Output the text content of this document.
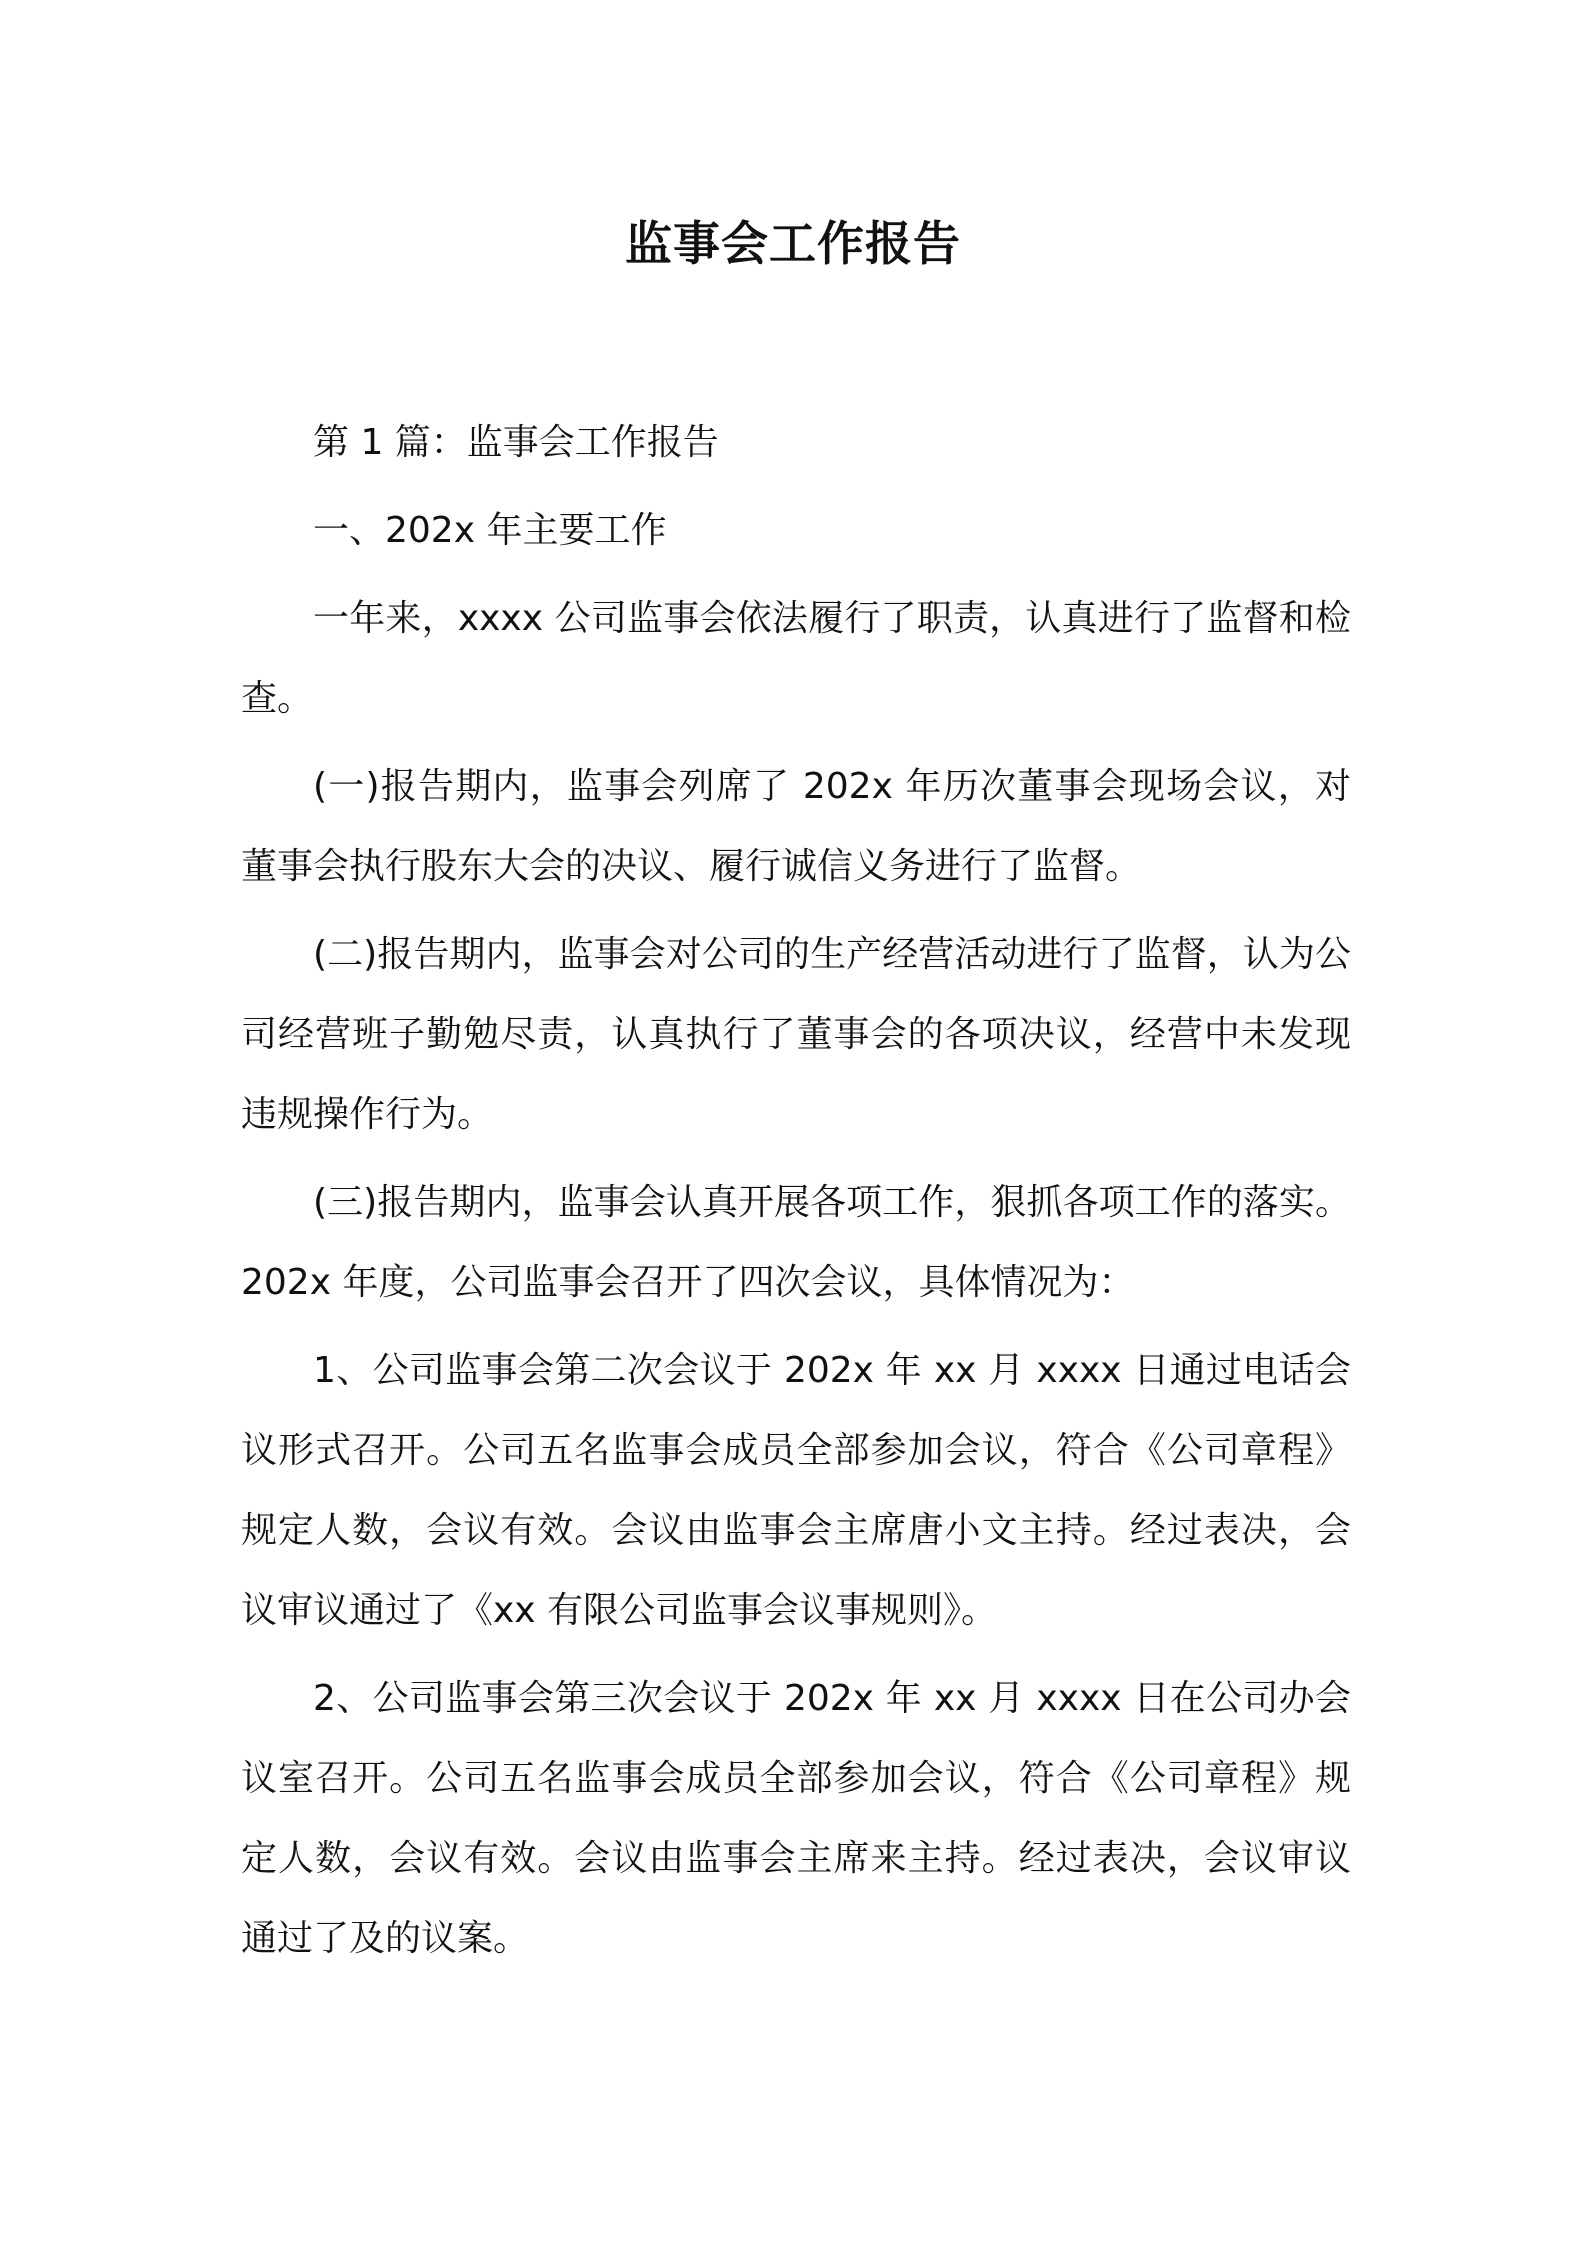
监事会工作报告

第 1 篇：监事会工作报告

一、202x 年主要工作

一年来，xxxx 公司监事会依法履行了职责，认真进行了监督和检查。

(一)报告期内，监事会列席了 202x 年历次董事会现场会议，对董事会执行股东大会的决议、履行诚信义务进行了监督。

(二)报告期内，监事会对公司的生产经营活动进行了监督，认为公司经营班子勤勉尽责，认真执行了董事会的各项决议，经营中未发现违规操作行为。

(三)报告期内，监事会认真开展各项工作，狠抓各项工作的落实。202x 年度，公司监事会召开了四次会议，具体情况为：

1、公司监事会第二次会议于 202x 年 xx 月 xxxx 日通过电话会议形式召开。公司五名监事会成员全部参加会议，符合《公司章程》规定人数，会议有效。会议由监事会主席唐小文主持。经过表决，会议审议通过了《xx 有限公司监事会议事规则》。

2、公司监事会第三次会议于 202x 年 xx 月 xxxx 日在公司办会议室召开。公司五名监事会成员全部参加会议，符合《公司章程》规定人数，会议有效。会议由监事会主席来主持。经过表决，会议审议通过了及的议案。
